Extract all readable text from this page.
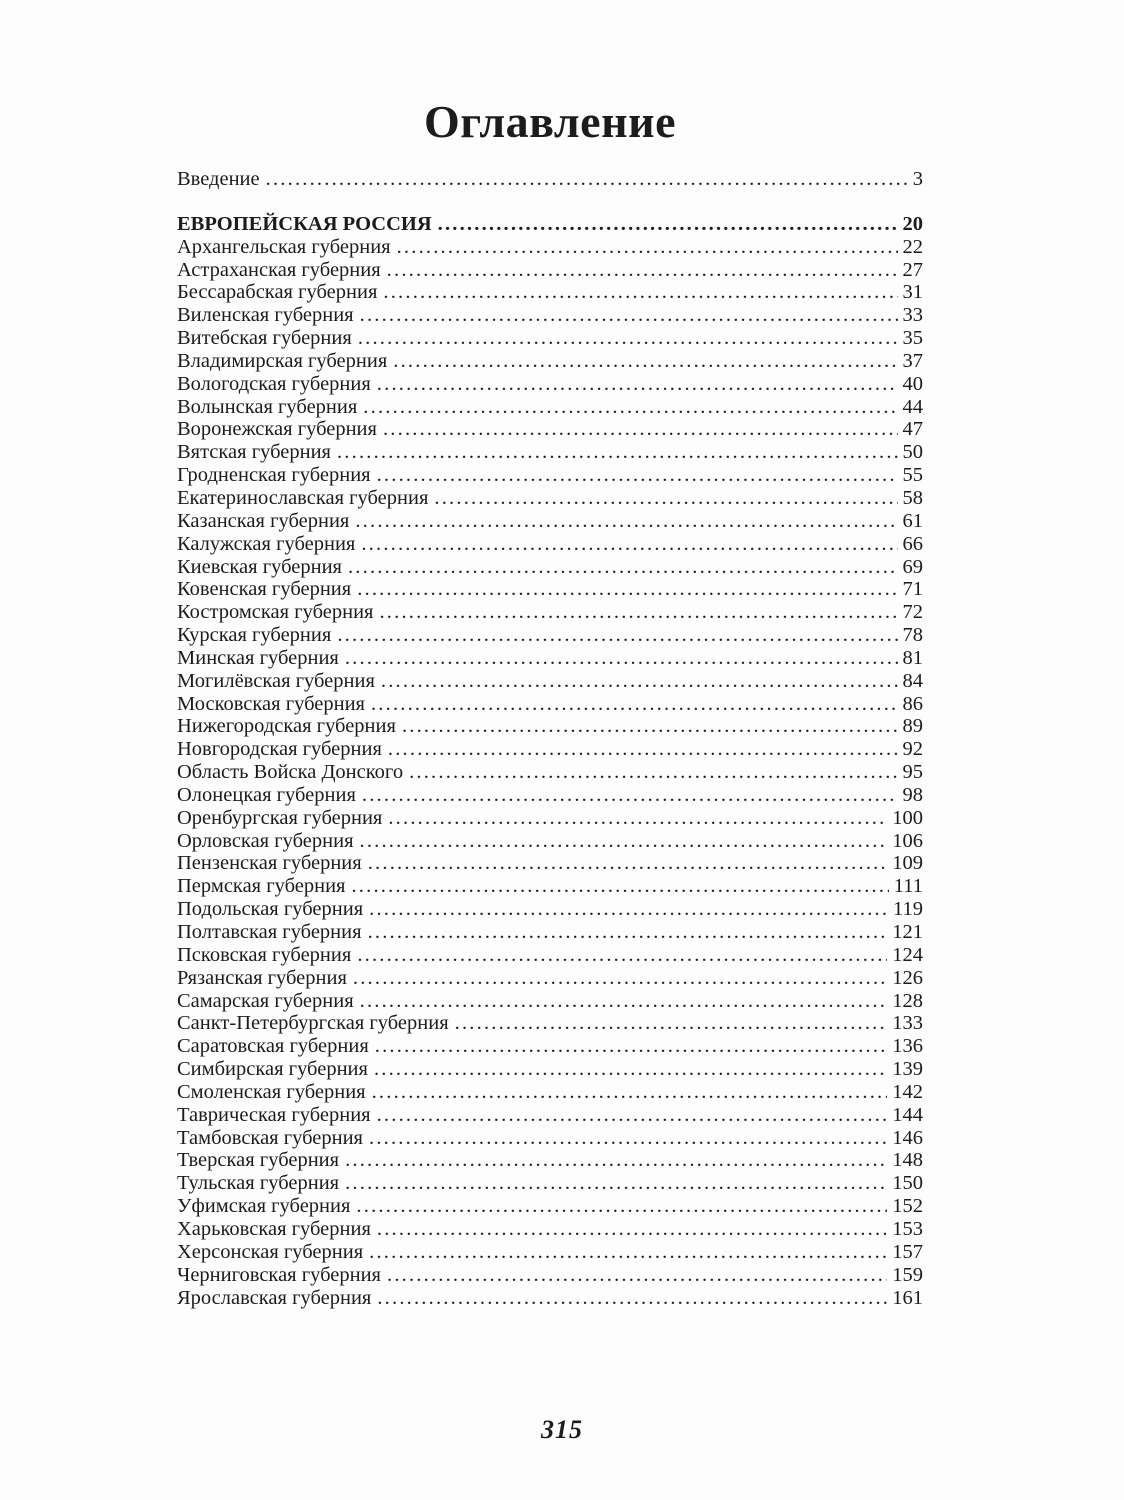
Оглавление
Введение .....	3
ЕВРОПЕЙСКАЯ РОССИЯ .....	20
Архангельская губерния .....	22
Астраханская губерния .....	27
Бессарабская губерния .....	31
Виленская губерния .....	33
Витебская губерния .....	35
Владимирская губерния .....	37
Вологодская губерния .....	40
Волынская губерния .....	44
Воронежская губерния .....	47
Вятская губерния .....	50
Гродненская губерния .....	55
Екатеринославская губерния .....	58
Казанская губерния .....	61
Калужская губерния .....	66
Киевская губерния .....	69
Ковенская губерния .....	71
Костромская губерния .....	72
Курская губерния .....	78
Минская губерния .....	81
Могилёвская губерния .....	84
Московская губерния .....	86
Нижегородская губерния .....	89
Новгородская губерния .....	92
Область Войска Донского .....	95
Олонецкая губерния .....	98
Оренбургская губерния .....	100
Орловская губерния .....	106
Пензенская губерния .....	109
Пермская губерния .....	111
Подольская губерния .....	119
Полтавская губерния .....	121
Псковская губерния .....	124
Рязанская губерния .....	126
Самарская губерния .....	128
Санкт-Петербургская губерния .....	133
Саратовская губерния .....	136
Симбирская губерния .....	139
Смоленская губерния .....	142
Таврическая губерния .....	144
Тамбовская губерния .....	146
Тверская губерния .....	148
Тульская губерния .....	150
Уфимская губерния .....	152
Харьковская губерния .....	153
Херсонская губерния .....	157
Черниговская губерния .....	159
Ярославская губерния .....	161
315
